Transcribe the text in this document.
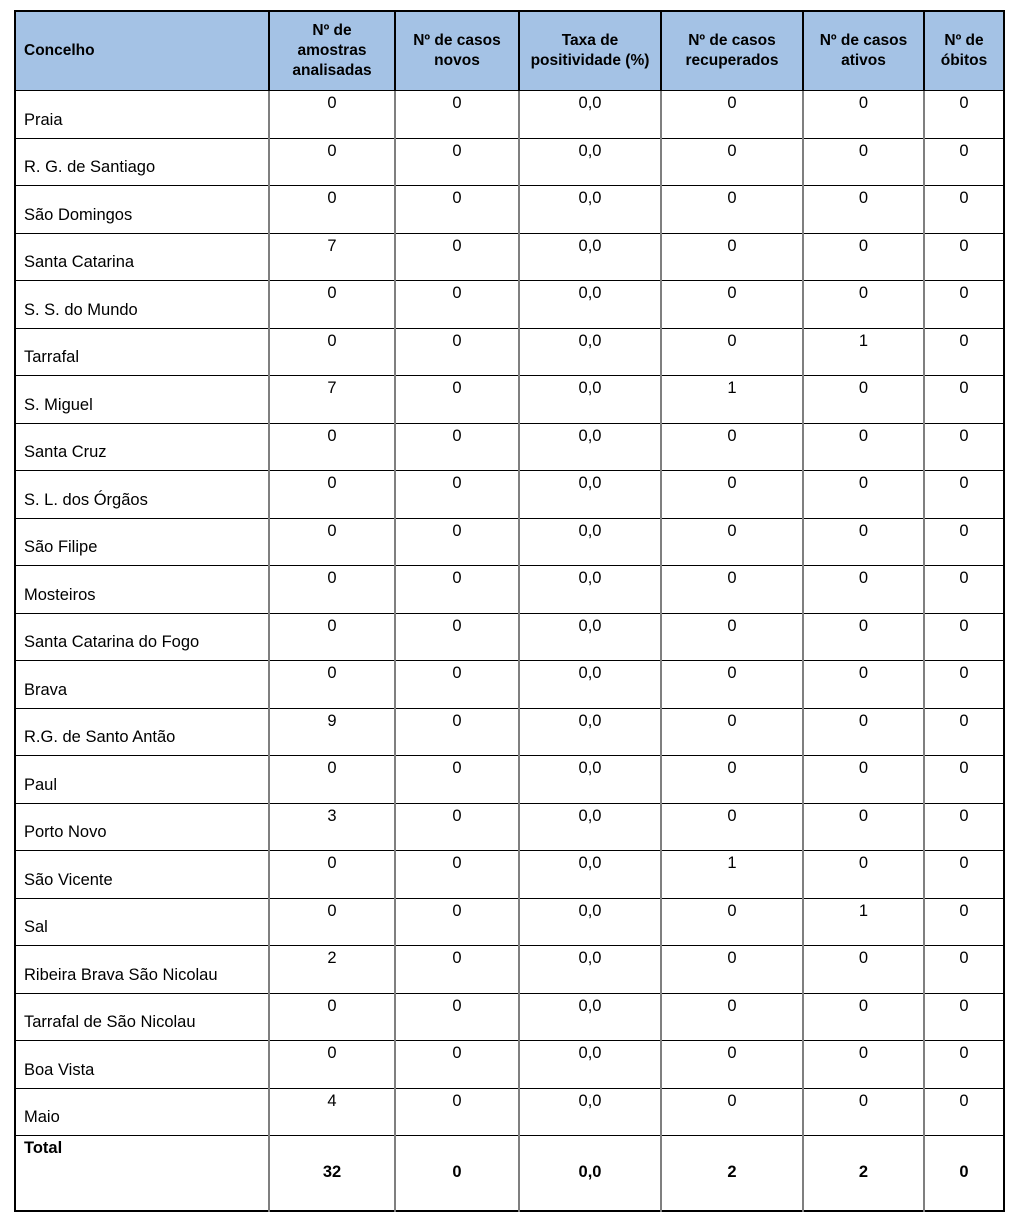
Concelho	Nº de amostras analisadas	Nº de casos novos	Taxa de positividade (%)	Nº de casos recuperados	Nº de casos ativos	Nº de óbitos
Praia	0	0	0,0	0	0	0
R. G. de Santiago	0	0	0,0	0	0	0
São Domingos	0	0	0,0	0	0	0
Santa Catarina	7	0	0,0	0	0	0
S. S. do Mundo	0	0	0,0	0	0	0
Tarrafal	0	0	0,0	0	1	0
S. Miguel	7	0	0,0	1	0	0
Santa Cruz	0	0	0,0	0	0	0
S. L. dos Órgãos	0	0	0,0	0	0	0
São Filipe	0	0	0,0	0	0	0
Mosteiros	0	0	0,0	0	0	0
Santa Catarina do Fogo	0	0	0,0	0	0	0
Brava	0	0	0,0	0	0	0
R.G. de Santo Antão	9	0	0,0	0	0	0
Paul	0	0	0,0	0	0	0
Porto Novo	3	0	0,0	0	0	0
São Vicente	0	0	0,0	1	0	0
Sal	0	0	0,0	0	1	0
Ribeira Brava São Nicolau	2	0	0,0	0	0	0
Tarrafal de São Nicolau	0	0	0,0	0	0	0
Boa Vista	0	0	0,0	0	0	0
Maio	4	0	0,0	0	0	0
Total	32	0	0,0	2	2	0
